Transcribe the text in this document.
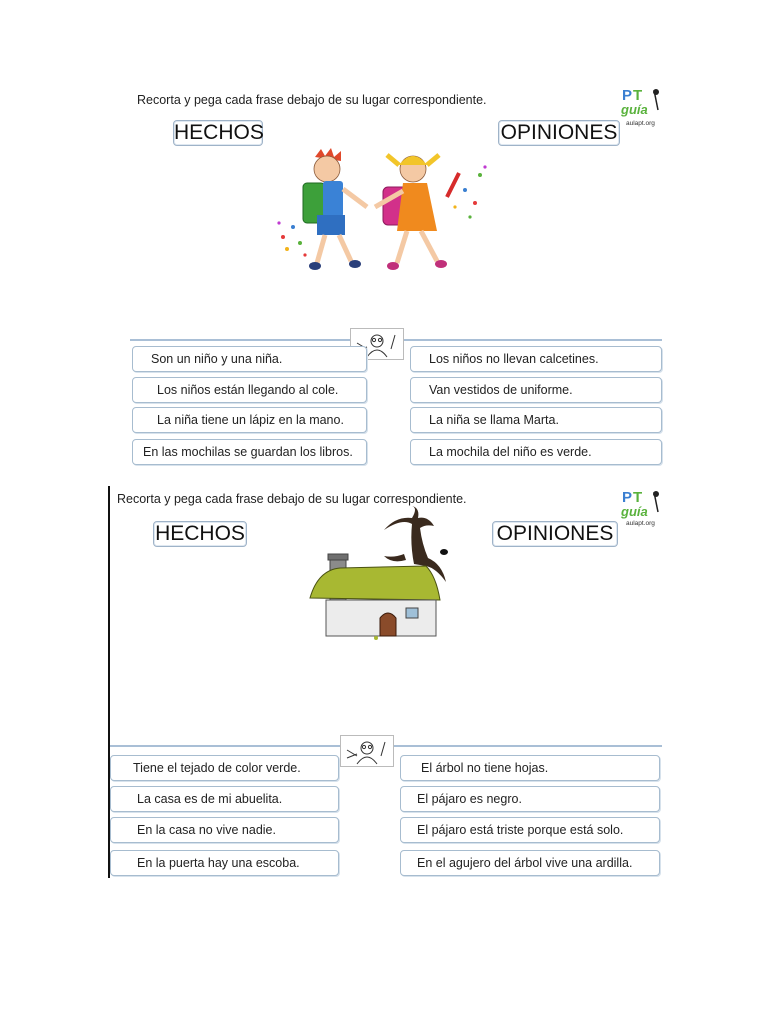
Recorta y pega cada frase debajo de su lugar correspondiente.	P T
guía
aulapt.org
HECHOS	OPINIONES
Son un niño y una niña.
Los niños están llegando al cole.
La niña tiene un lápiz en la mano.
En las mochilas se guardan los libros.
Los niños no llevan calcetines.
Van vestidos de uniforme.
La niña se llama Marta.
La mochila del niño es verde.
Recorta y pega cada frase debajo de su lugar correspondiente.	P T
guía
aulapt.org
HECHOS	OPINIONES
Tiene el tejado de color verde.
La casa es de mi abuelita.
En la casa no vive nadie.
En la puerta hay una escoba.
El árbol no tiene hojas.
El pájaro es negro.
El pájaro está triste porque está solo.
En el agujero del árbol vive una ardilla.
